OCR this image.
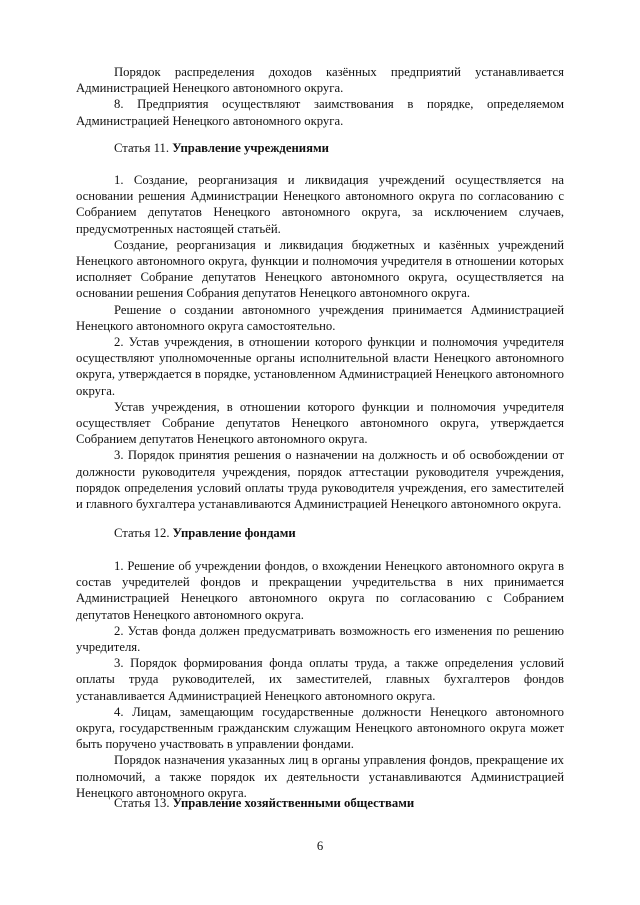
Порядок распределения доходов казённых предприятий устанавливается Администрацией Ненецкого автономного округа.

8. Предприятия осуществляют заимствования в порядке, определяемом Администрацией Ненецкого автономного округа.

Статья 11. Управление учреждениями

1. Создание, реорганизация и ликвидация учреждений осуществляется на основании решения Администрации Ненецкого автономного округа по согласованию с Собранием депутатов Ненецкого автономного округа, за исключением случаев, предусмотренных настоящей статьёй.

Создание, реорганизация и ликвидация бюджетных и казённых учреждений Ненецкого автономного округа, функции и полномочия учредителя в отношении которых исполняет Собрание депутатов Ненецкого автономного округа, осуществляется на основании решения Собрания депутатов Ненецкого автономного округа.

Решение о создании автономного учреждения принимается Администрацией Ненецкого автономного округа самостоятельно.

2. Устав учреждения, в отношении которого функции и полномочия учредителя осуществляют уполномоченные органы исполнительной власти Ненецкого автономного округа, утверждается в порядке, установленном Администрацией Ненецкого автономного округа.

Устав учреждения, в отношении которого функции и полномочия учредителя осуществляет Собрание депутатов Ненецкого автономного округа, утверждается Собранием депутатов Ненецкого автономного округа.

3. Порядок принятия решения о назначении на должность и об освобождении от должности руководителя учреждения, порядок аттестации руководителя учреждения, порядок определения условий оплаты труда руководителя учреждения, его заместителей и главного бухгалтера устанавливаются Администрацией Ненецкого автономного округа.

Статья 12. Управление фондами

1. Решение об учреждении фондов, о вхождении Ненецкого автономного округа в состав учредителей фондов и прекращении учредительства в них принимается Администрацией Ненецкого автономного округа по согласованию с Собранием депутатов Ненецкого автономного округа.

2. Устав фонда должен предусматривать возможность его изменения по решению учредителя.

3. Порядок формирования фонда оплаты труда, а также определения условий оплаты труда руководителей, их заместителей, главных бухгалтеров фондов устанавливается Администрацией Ненецкого автономного округа.

4. Лицам, замещающим государственные должности Ненецкого автономного округа, государственным гражданским служащим Ненецкого автономного округа может быть поручено участвовать в управлении фондами.

Порядок назначения указанных лиц в органы управления фондов, прекращение их полномочий, а также порядок их деятельности устанавливаются Администрацией Ненецкого автономного округа.

Статья 13. Управление хозяйственными обществами
6
